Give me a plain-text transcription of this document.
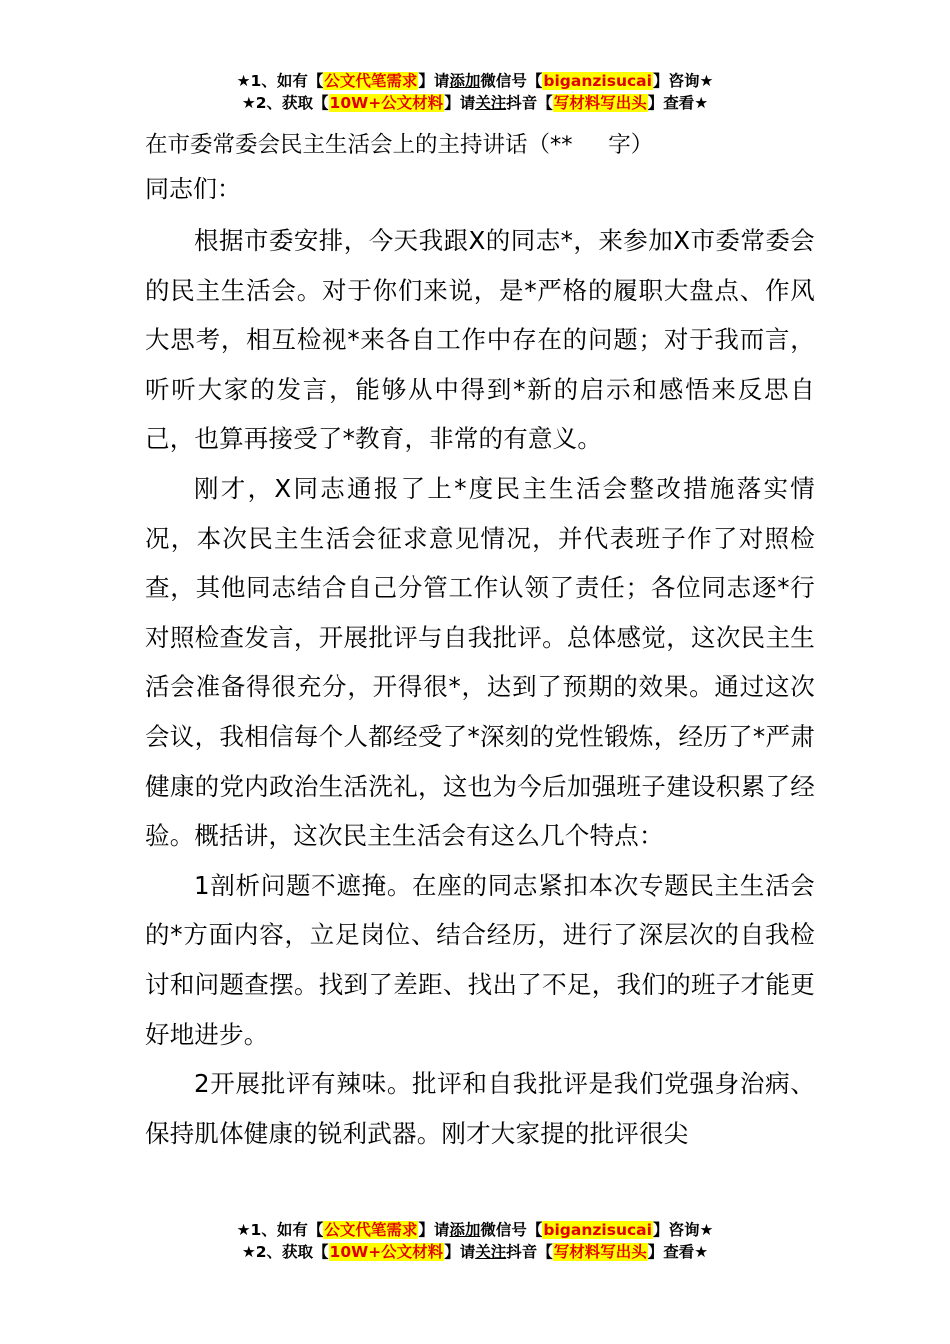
★1、如有【公文代笔需求】请添加微信号【biganzisucai】咨询★
★2、获取【10W+公文材料】请关注抖音【写材料写出头】查看★
在市委常委会民主生活会上的主持讲话（**     字）
同志们：

根据市委安排，今天我跟X的同志*，来参加X市委常委会的民主生活会。对于你们来说，是*严格的履职大盘点、作风大思考，相互检视*来各自工作中存在的问题；对于我而言，听听大家的发言，能够从中得到*新的启示和感悟来反思自己，也算再接受了*教育，非常的有意义。

刚才，X同志通报了上*度民主生活会整改措施落实情况，本次民主生活会征求意见情况，并代表班子作了对照检查，其他同志结合自己分管工作认领了责任；各位同志逐*行对照检查发言，开展批评与自我批评。总体感觉，这次民主生活会准备得很充分，开得很*，达到了预期的效果。通过这次会议，我相信每个人都经受了*深刻的党性锻炼，经历了*严肃健康的党内政治生活洗礼，这也为今后加强班子建设积累了经验。概括讲，这次民主生活会有这么几个特点：

1剖析问题不遮掩。在座的同志紧扣本次专题民主生活会的*方面内容，立足岗位、结合经历，进行了深层次的自我检讨和问题查摆。找到了差距、找出了不足，我们的班子才能更好地进步。

2开展批评有辣味。批评和自我批评是我们党强身治病、保持肌体健康的锐利武器。刚才大家提的批评很尖

★1、如有【公文代笔需求】请添加微信号【biganzisucai】咨询★
★2、获取【10W+公文材料】请关注抖音【写材料写出头】查看★
